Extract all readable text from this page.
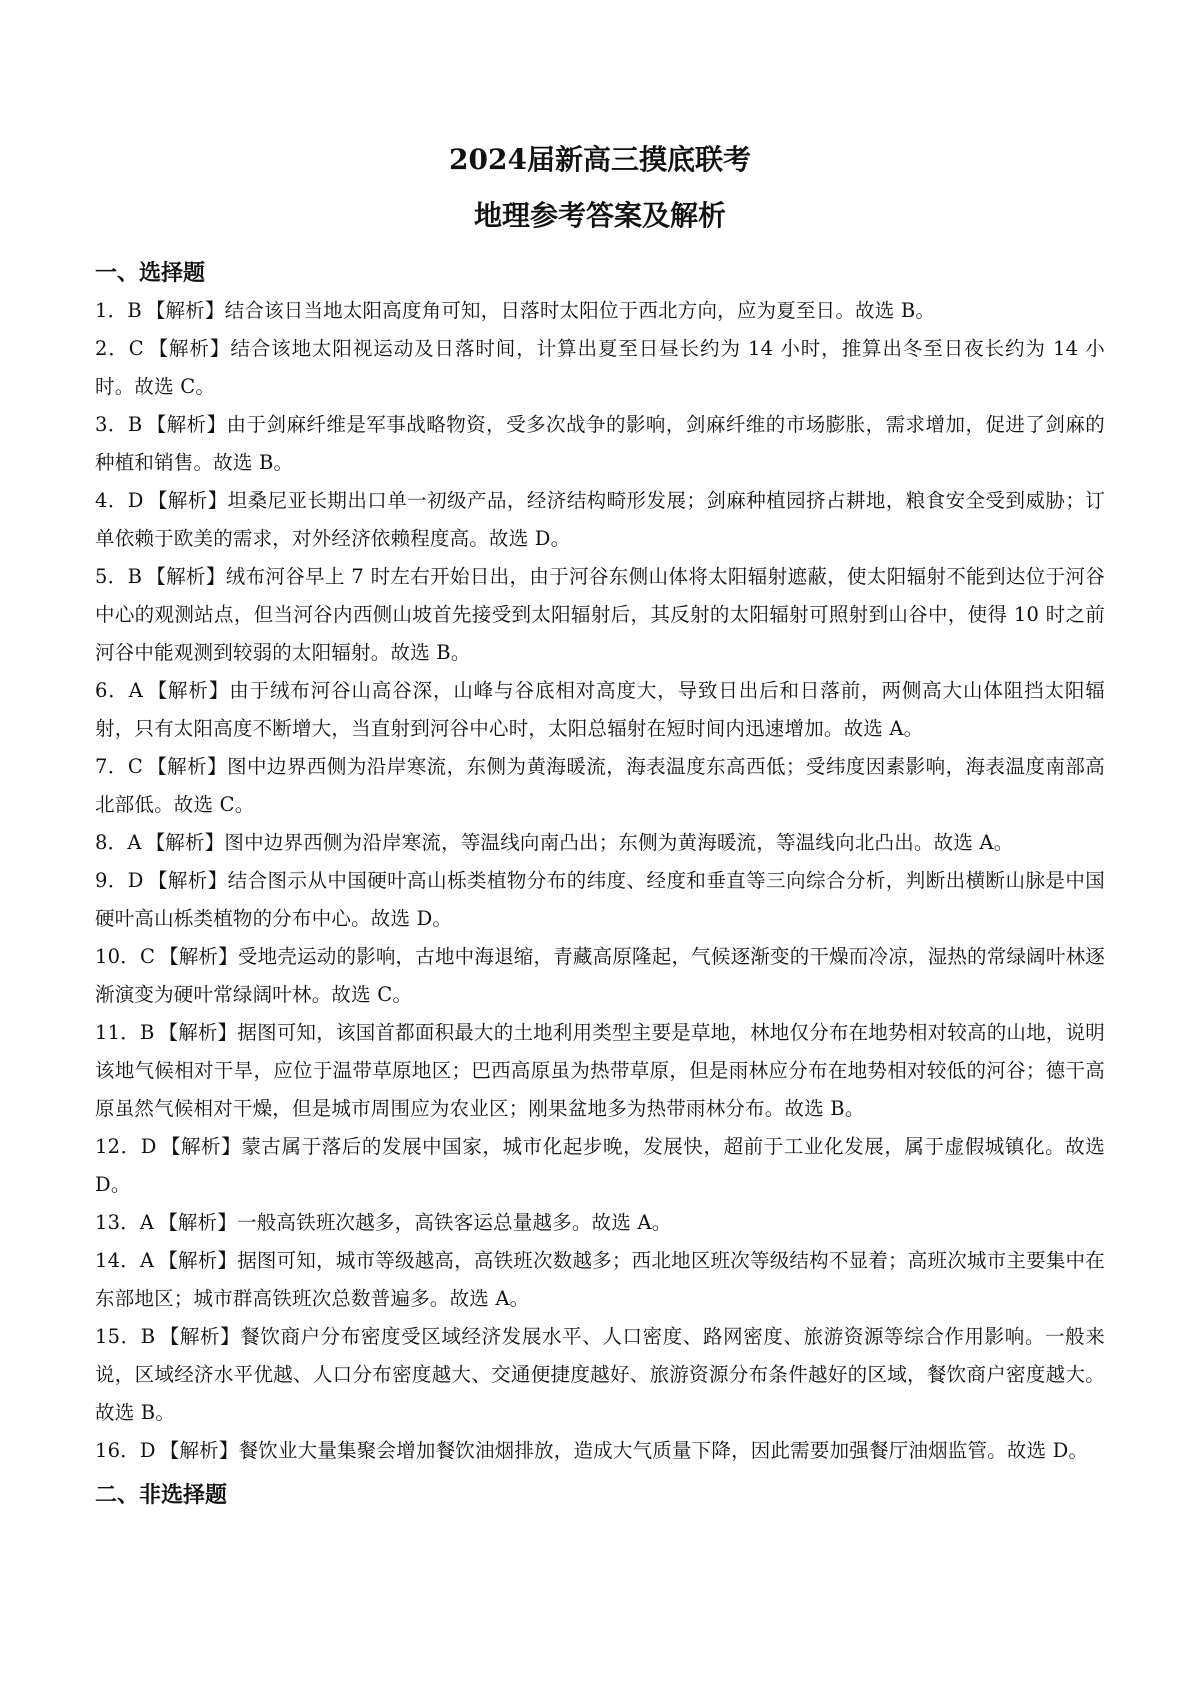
2024届新高三摸底联考
地理参考答案及解析
一、选择题
1．B 【解析】结合该日当地太阳高度角可知，日落时太阳位于西北方向，应为夏至日。故选 B。
2．C 【解析】结合该地太阳视运动及日落时间，计算出夏至日昼长约为 14 小时，推算出冬至日夜长约为 14 小时。故选 C。
3．B 【解析】由于剑麻纤维是军事战略物资，受多次战争的影响，剑麻纤维的市场膨胀，需求增加，促进了剑麻的种植和销售。故选 B。
4．D 【解析】坦桑尼亚长期出口单一初级产品，经济结构畸形发展；剑麻种植园挤占耕地，粮食安全受到威胁；订单依赖于欧美的需求，对外经济依赖程度高。故选 D。
5．B 【解析】绒布河谷早上 7 时左右开始日出，由于河谷东侧山体将太阳辐射遮蔽，使太阳辐射不能到达位于河谷中心的观测站点，但当河谷内西侧山坡首先接受到太阳辐射后，其反射的太阳辐射可照射到山谷中，使得 10 时之前河谷中能观测到较弱的太阳辐射。故选 B。
6．A 【解析】由于绒布河谷山高谷深，山峰与谷底相对高度大，导致日出后和日落前，两侧高大山体阻挡太阳辐射，只有太阳高度不断增大，当直射到河谷中心时，太阳总辐射在短时间内迅速增加。故选 A。
7．C 【解析】图中边界西侧为沿岸寒流，东侧为黄海暖流，海表温度东高西低；受纬度因素影响，海表温度南部高北部低。故选 C。
8．A 【解析】图中边界西侧为沿岸寒流，等温线向南凸出；东侧为黄海暖流，等温线向北凸出。故选 A。
9．D 【解析】结合图示从中国硬叶高山栎类植物分布的纬度、经度和垂直等三向综合分析，判断出横断山脉是中国硬叶高山栎类植物的分布中心。故选 D。
10．C 【解析】受地壳运动的影响，古地中海退缩，青藏高原隆起，气候逐渐变的干燥而冷凉，湿热的常绿阔叶林逐渐演变为硬叶常绿阔叶林。故选 C。
11．B 【解析】据图可知，该国首都面积最大的土地利用类型主要是草地，林地仅分布在地势相对较高的山地，说明该地气候相对干旱，应位于温带草原地区；巴西高原虽为热带草原，但是雨林应分布在地势相对较低的河谷；德干高原虽然气候相对干燥，但是城市周围应为农业区；刚果盆地多为热带雨林分布。故选 B。
12．D 【解析】蒙古属于落后的发展中国家，城市化起步晚，发展快，超前于工业化发展，属于虚假城镇化。故选 D。
13．A 【解析】一般高铁班次越多，高铁客运总量越多。故选 A。
14．A 【解析】据图可知，城市等级越高，高铁班次数越多；西北地区班次等级结构不显着；高班次城市主要集中在东部地区；城市群高铁班次总数普遍多。故选 A。
15．B 【解析】餐饮商户分布密度受区域经济发展水平、人口密度、路网密度、旅游资源等综合作用影响。一般来说，区域经济水平优越、人口分布密度越大、交通便捷度越好、旅游资源分布条件越好的区域，餐饮商户密度越大。故选 B。
16．D 【解析】餐饮业大量集聚会增加餐饮油烟排放，造成大气质量下降，因此需要加强餐厅油烟监管。故选 D。
二、非选择题
